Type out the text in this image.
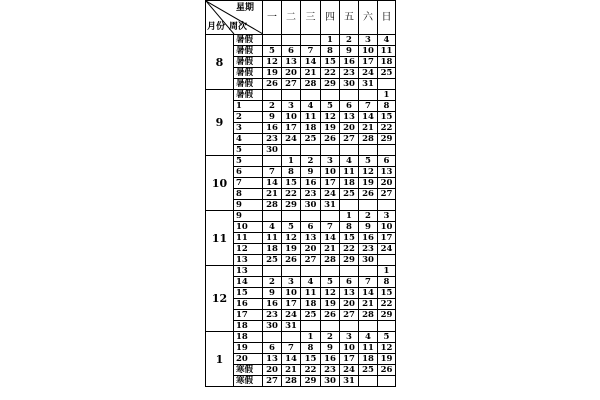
星期
月份 周次		一	二	三	四	五	六	日
8	暑假				1	2	3	4
	暑假	5	6	7	8	9	10	11
	暑假	12	13	14	15	16	17	18
	暑假	19	20	21	22	23	24	25
	暑假	26	27	28	29	30	31	
9	暑假							1
	1	2	3	4	5	6	7	8
	2	9	10	11	12	13	14	15
	3	16	17	18	19	20	21	22
	4	23	24	25	26	27	28	29
	5	30						
10	5		1	2	3	4	5	6
	6	7	8	9	10	11	12	13
	7	14	15	16	17	18	19	20
	8	21	22	23	24	25	26	27
	9	28	29	30	31			
11	9					1	2	3
	10	4	5	6	7	8	9	10
	11	11	12	13	14	15	16	17
	12	18	19	20	21	22	23	24
	13	25	26	27	28	29	30	
12	13							1
	14	2	3	4	5	6	7	8
	15	9	10	11	12	13	14	15
	16	16	17	18	19	20	21	22
	17	23	24	25	26	27	28	29
	18	30	31					
1	18			1	2	3	4	5
	19	6	7	8	9	10	11	12
	20	13	14	15	16	17	18	19
	寒假	20	21	22	23	24	25	26
	寒假	27	28	29	30	31		
